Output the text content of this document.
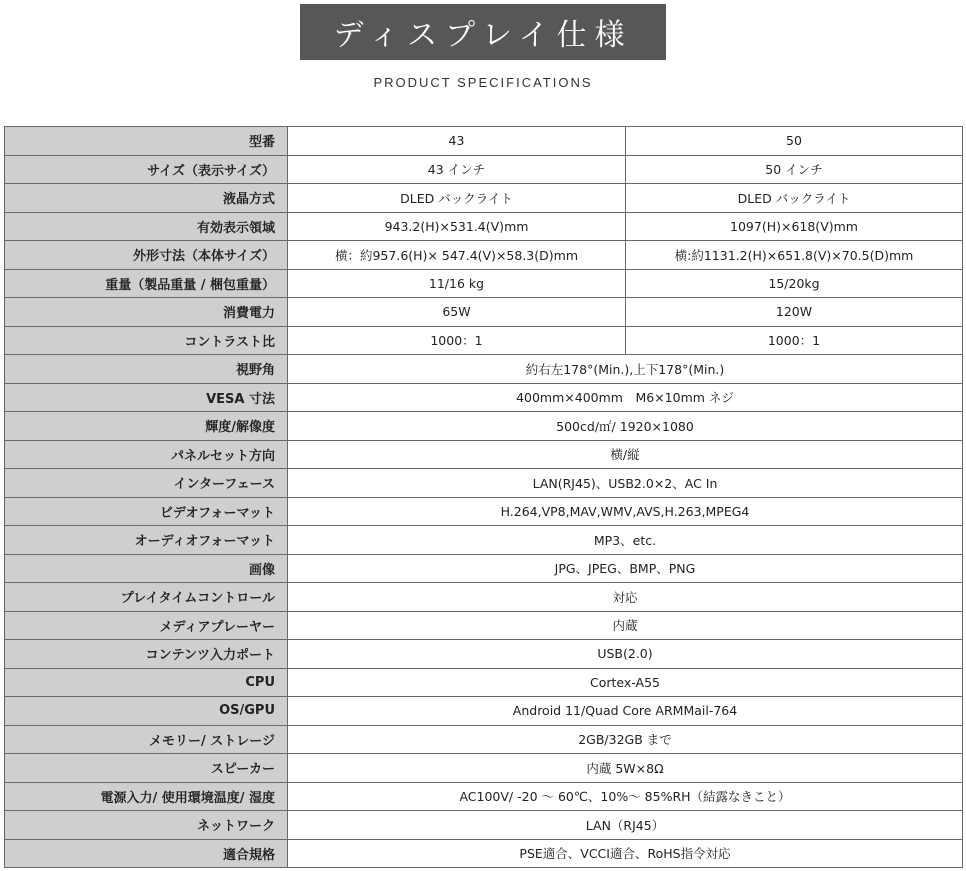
ディスプレイ仕様
PRODUCT SPECIFICATIONS
型番	43	50
サイズ（表示サイズ）	43 インチ	50 インチ
液晶方式	DLED バックライト	DLED バックライト
有効表示領域	943.2(H)×531.4(V)mm	1097(H)×618(V)mm
外形寸法（本体サイズ）	横：約957.6(H)× 547.4(V)×58.3(D)mm	横:約1131.2(H)×651.8(V)×70.5(D)mm
重量（製品重量 / 梱包重量）	11/16 kg	15/20kg
消費電力	65W	120W
コントラスト比	1000：1	1000：1
視野角	約右左178°(Min.),上下178°(Min.)	
VESA 寸法	400mm×400mm　M6×10mm ネジ	
輝度/解像度	500cd/㎡/ 1920×1080	
パネルセット方向	横/縦	
インターフェース	LAN(RJ45)、USB2.0×2、AC In	
ビデオフォーマット	H.264,VP8,MAV,WMV,AVS,H.263,MPEG4	
オーディオフォーマット	MP3、etc.	
画像	JPG、JPEG、BMP、PNG	
プレイタイムコントロール	対応	
メディアプレーヤー	内蔵	
コンテンツ入力ポート	USB(2.0)	
CPU	Cortex-A55	
OS/GPU	Android 11/Quad Core ARMMail-764	
メモリー/ ストレージ	2GB/32GB まで	
スピーカー	内蔵 5W×8Ω	
電源入力/ 使用環境温度/ 湿度	AC100V/ -20 ～ 60℃、10%～ 85%RH（結露なきこと）	
ネットワーク	LAN（RJ45）	
適合規格	PSE適合、VCCI適合、RoHS指令対応	
